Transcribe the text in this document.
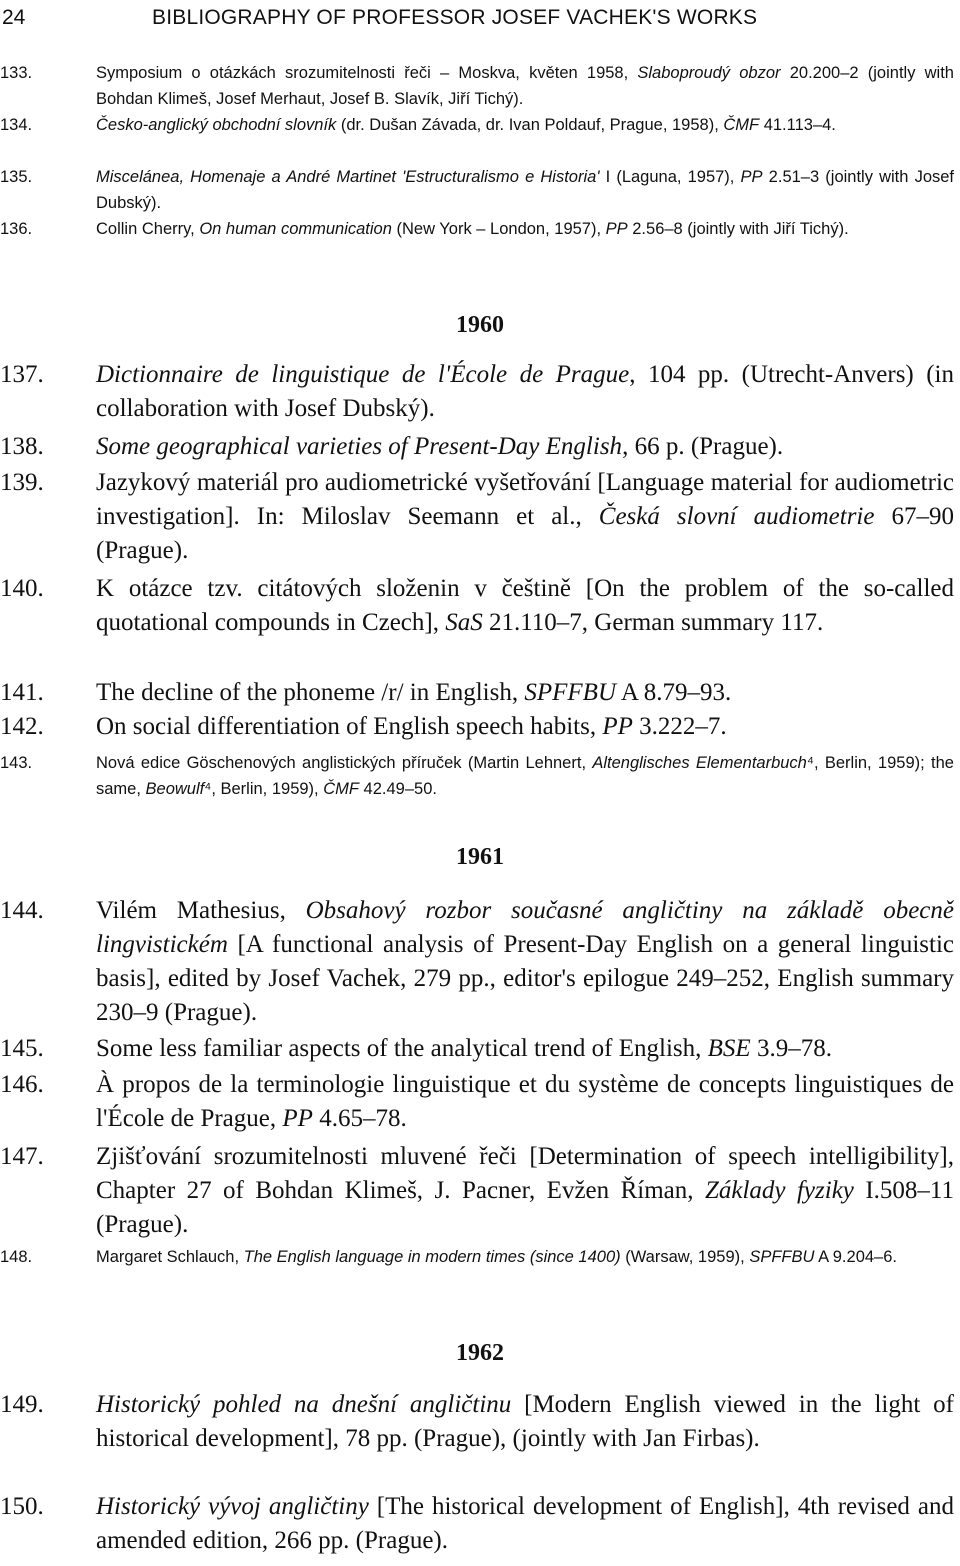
24	BIBLIOGRAPHY OF PROFESSOR JOSEF VACHEK'S WORKS
133.	Symposium o otázkách srozumitelnosti řeči – Moskva, květen 1958, Slaboproudý obzor 20.200–2 (jointly with Bohdan Klimeš, Josef Merhaut, Josef B. Slavík, Jiří Tichý).
134.	Česko-anglický obchodní slovník (dr. Dušan Závada, dr. Ivan Poldauf, Prague, 1958), ČMF 41.113–4.
135.	Miscelánea, Homenaje a André Martinet 'Estructuralismo e Historia' I (Laguna, 1957), PP 2.51–3 (jointly with Josef Dubský).
136.	Collin Cherry, On human communication (New York – London, 1957), PP 2.56–8 (jointly with Jiří Tichý).
1960
137. Dictionnaire de linguistique de l'École de Prague, 104 pp. (Utrecht-Anvers) (in collaboration with Josef Dubský).
138. Some geographical varieties of Present-Day English, 66 p. (Prague).
139. Jazykový materiál pro audiometrické vyšetřování [Language material for audiometric investigation]. In: Miloslav Seemann et al., Česká slovní audiometrie 67–90 (Prague).
140. K otázce tzv. citátových složenin v češtině [On the problem of the so-called quotational compounds in Czech], SaS 21.110–7, German summary 117.
141. The decline of the phoneme /r/ in English, SPFFBU A 8.79–93.
142. On social differentiation of English speech habits, PP 3.222–7.
143.	Nová edice Göschenových anglistických příruček (Martin Lehnert, Altenglisches Elementarbuch⁴, Berlin, 1959); the same, Beowulf⁴, Berlin, 1959), ČMF 42.49–50.
1961
144. Vilém Mathesius, Obsahový rozbor současné angličtiny na základě obecně lingvistickém [A functional analysis of Present-Day English on a general linguistic basis], edited by Josef Vachek, 279 pp., editor's epilogue 249–252, English summary 230–9 (Prague).
145. Some less familiar aspects of the analytical trend of English, BSE 3.9–78.
146. À propos de la terminologie linguistique et du système de concepts linguistiques de l'École de Prague, PP 4.65–78.
147. Zjišťování srozumitelnosti mluvené řeči [Determination of speech intelligibility], Chapter 27 of Bohdan Klimeš, J. Pacner, Evžen Říman, Základy fyziky I.508–11 (Prague).
148.	Margaret Schlauch, The English language in modern times (since 1400) (Warsaw, 1959), SPFFBU A 9.204–6.
1962
149. Historický pohled na dnešní angličtinu [Modern English viewed in the light of historical development], 78 pp. (Prague), (jointly with Jan Firbas).
150. Historický vývoj angličtiny [The historical development of English], 4th revised and amended edition, 266 pp. (Prague).
